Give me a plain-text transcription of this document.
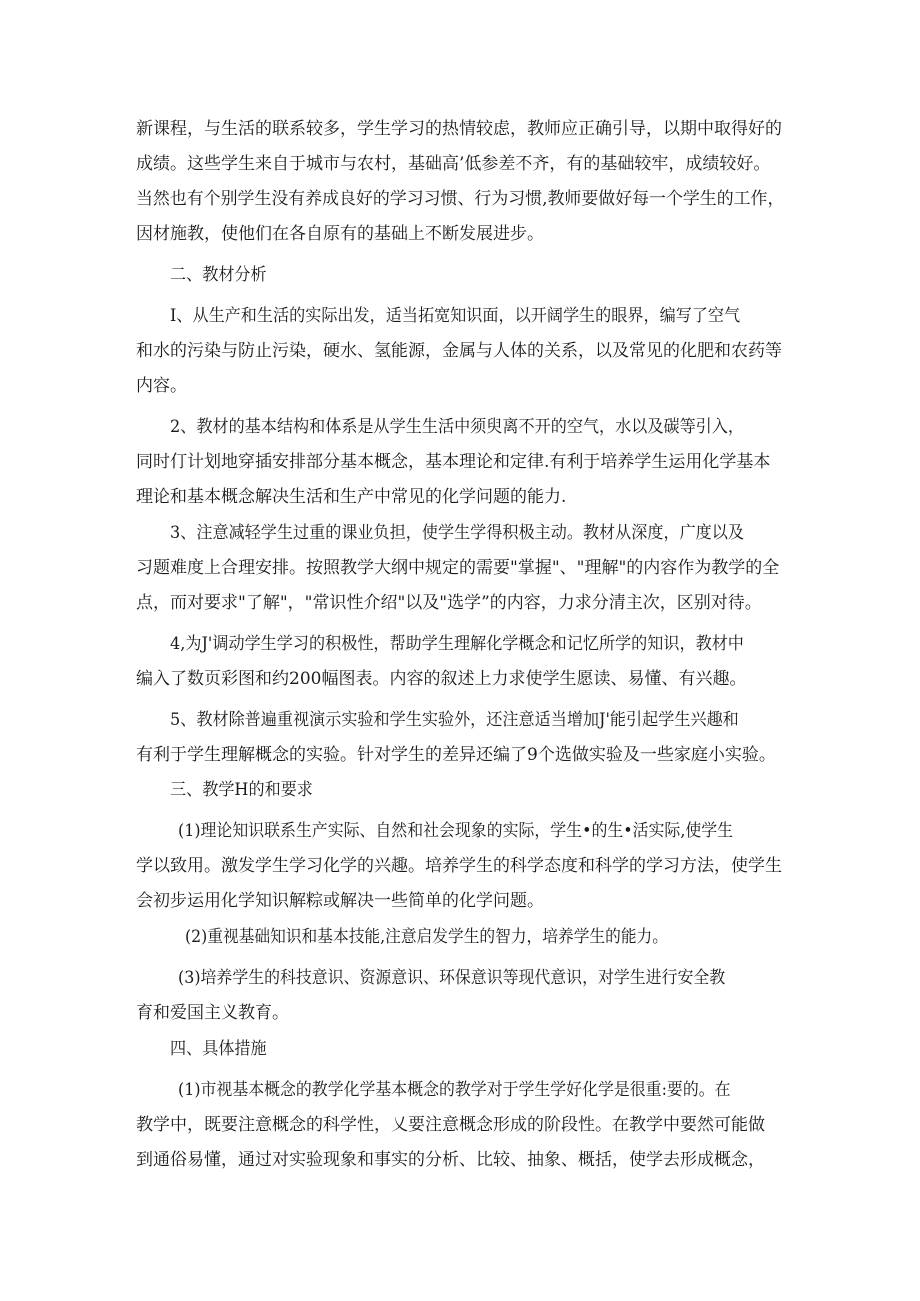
新课程，与生活的联系较多，学生学习的热情较虑，教师应正确引导，以期中取得好的

成绩。这些学生来自于城市与农村，基础高’低参差不齐，有的基础较牢，成绩较好。

当然也有个别学生没有养成良好的学习习惯、行为习惯,教师要做好每一个学生的工作，

因材施教，使他们在各自原有的基础上不断发展进步。

二、教材分析

I、从生产和生活的实际出发，适当拓宽知识面，以开阔学生的眼界，编写了空气

和水的污染与防止污染，硬水、氢能源，金属与人体的关系，以及常见的化肥和农药等

内容。

2、教材的基本结构和体系是从学生生活中须臾离不开的空气，水以及碳等引入，

同时仃计划地穿插安排部分基本概念，基本理论和定律.有利于培养学生运用化学基本

理论和基本概念解决生活和生产中常见的化学问题的能力.

3、注意减轻学生过重的课业负担，使学生学得积极主动。教材从深度，广度以及

习题难度上合理安排。按照教学大纲中规定的需要"掌握"、"理解"的内容作为教学的全

点，而对要求"了解"，"常识性介绍"以及"选学”的内容，力求分清主次，区别对待。

4,为J'调动学生学习的积极性，帮助学生理解化学概念和记忆所学的知识，教材中

编入了数页彩图和约200幅图表。内容的叙述上力求使学生愿读、易懂、有兴趣。

5、教材除普遍重视演示实验和学生实验外，还注意适当增加J'能引起学生兴趣和

有利于学生理解概念的实验。针对学生的差异还编了9个选做实验及一些家庭小实验。

三、教学H的和要求

(1)理论知识联系生产实际、自然和社会现象的实际，学生•的生•活实际,使学生

学以致用。激发学生学习化学的兴趣。培养学生的科学态度和科学的学习方法，使学生

会初步运用化学知识解粽或解决一些简单的化学问题。

(2)重视基础知识和基本技能,注意启发学生的智力，培养学生的能力。

(3)培养学生的科技意识、资源意识、环保意识等现代意识，对学生进行安全教

育和爱国主义教育。

四、具体措施

(1)市视基本概念的教学化学基本概念的教学对于学生学好化学是很重:要的。在

教学中，既要注意概念的科学性，乂要注意概念形成的阶段性。在教学中要然可能做

到通俗易懂，通过对实验现象和事实的分析、比较、抽象、概括，使学去形成概念，
